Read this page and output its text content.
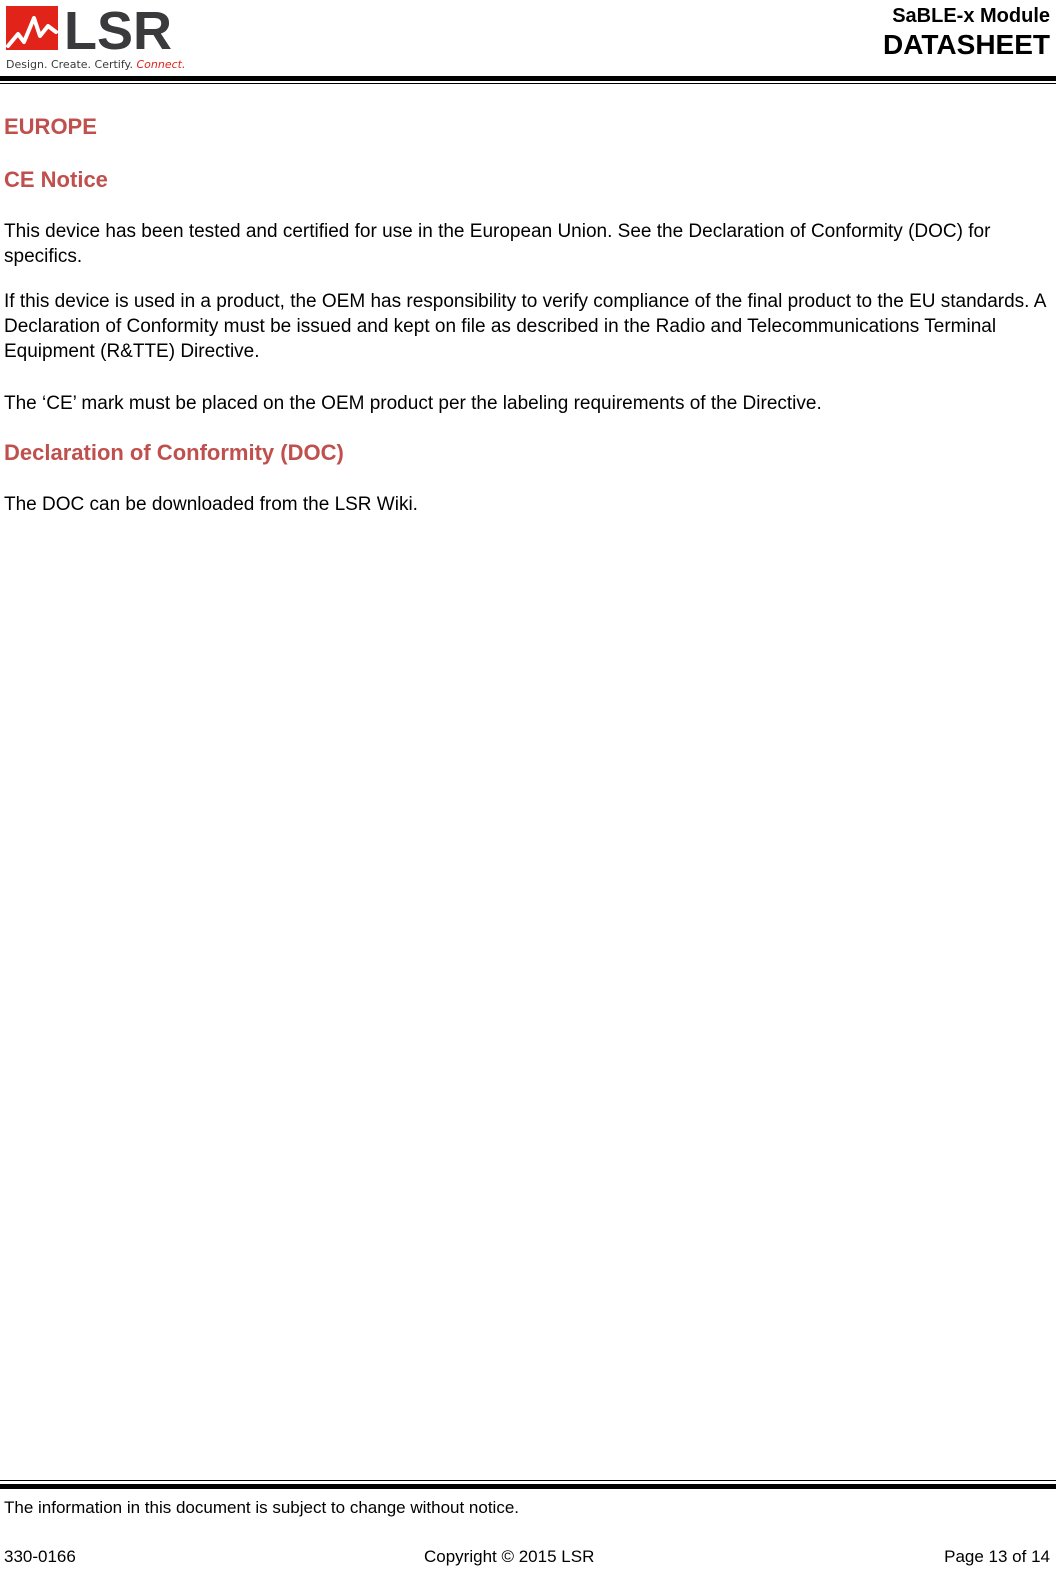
LSR
Design. Create. Certify. Connect.
SaBLE-x Module
DATASHEET
EUROPE
CE Notice

This device has been tested and certified for use in the European Union. See the Declaration of Conformity (DOC) for specifics.

If this device is used in a product, the OEM has responsibility to verify compliance of the final product to the EU standards. A Declaration of Conformity must be issued and kept on file as described in the Radio and Telecommunications Terminal Equipment (R&TTE) Directive.

The ‘CE’ mark must be placed on the OEM product per the labeling requirements of the Directive.

Declaration of Conformity (DOC)

The DOC can be downloaded from the LSR Wiki.

The information in this document is subject to change without notice.
330-0166	Copyright © 2015 LSR	Page 13 of 14
